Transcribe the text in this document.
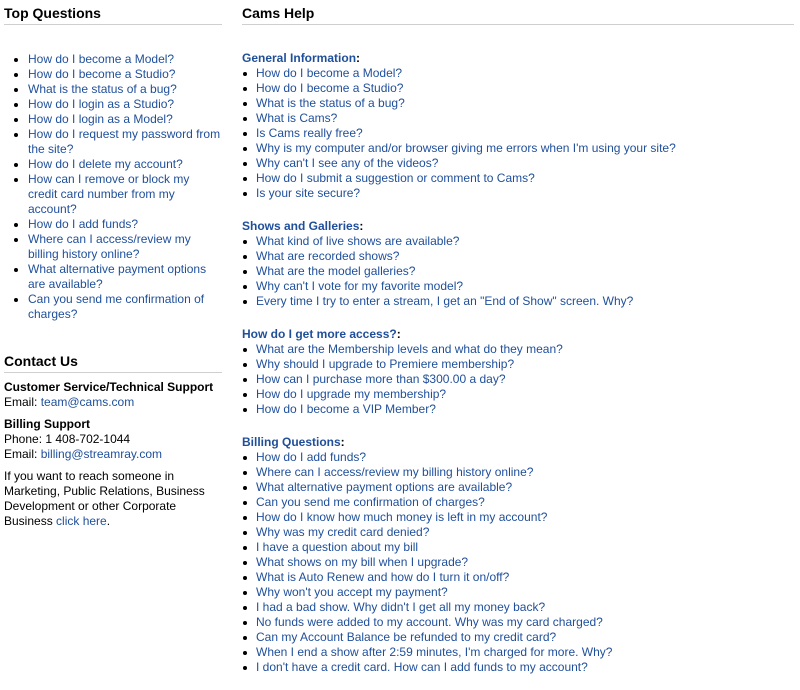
Top Questions
How do I become a Model?
How do I become a Studio?
What is the status of a bug?
How do I login as a Studio?
How do I login as a Model?
How do I request my password from the site?
How do I delete my account?
How can I remove or block my credit card number from my account?
How do I add funds?
Where can I access/review my billing history online?
What alternative payment options are available?
Can you send me confirmation of charges?
Contact Us

Customer Service/Technical Support

Email: team@cams.com

Billing Support

Phone: 1 408-702-1044

Email: billing@streamray.com

If you want to reach someone in Marketing, Public Relations, Business Development or other Corporate Business click here.

Cams Help

General Information:

How do I become a Model?
How do I become a Studio?
What is the status of a bug?
What is Cams?
Is Cams really free?
Why is my computer and/or browser giving me errors when I'm using your site?
Why can't I see any of the videos?
How do I submit a suggestion or comment to Cams?
Is your site secure?

Shows and Galleries:

What kind of live shows are available?
What are recorded shows?
What are the model galleries?
Why can't I vote for my favorite model?
Every time I try to enter a stream, I get an "End of Show" screen. Why?

How do I get more access?:

What are the Membership levels and what do they mean?
Why should I upgrade to Premiere membership?
How can I purchase more than $300.00 a day?
How do I upgrade my membership?
How do I become a VIP Member?

Billing Questions:

How do I add funds?
Where can I access/review my billing history online?
What alternative payment options are available?
Can you send me confirmation of charges?
How do I know how much money is left in my account?
Why was my credit card denied?
I have a question about my bill
What shows on my bill when I upgrade?
What is Auto Renew and how do I turn it on/off?
Why won't you accept my payment?
I had a bad show. Why didn't I get all my money back?
No funds were added to my account. Why was my card charged?
Can my Account Balance be refunded to my credit card?
When I end a show after 2:59 minutes, I'm charged for more. Why?
I don't have a credit card. How can I add funds to my account?
